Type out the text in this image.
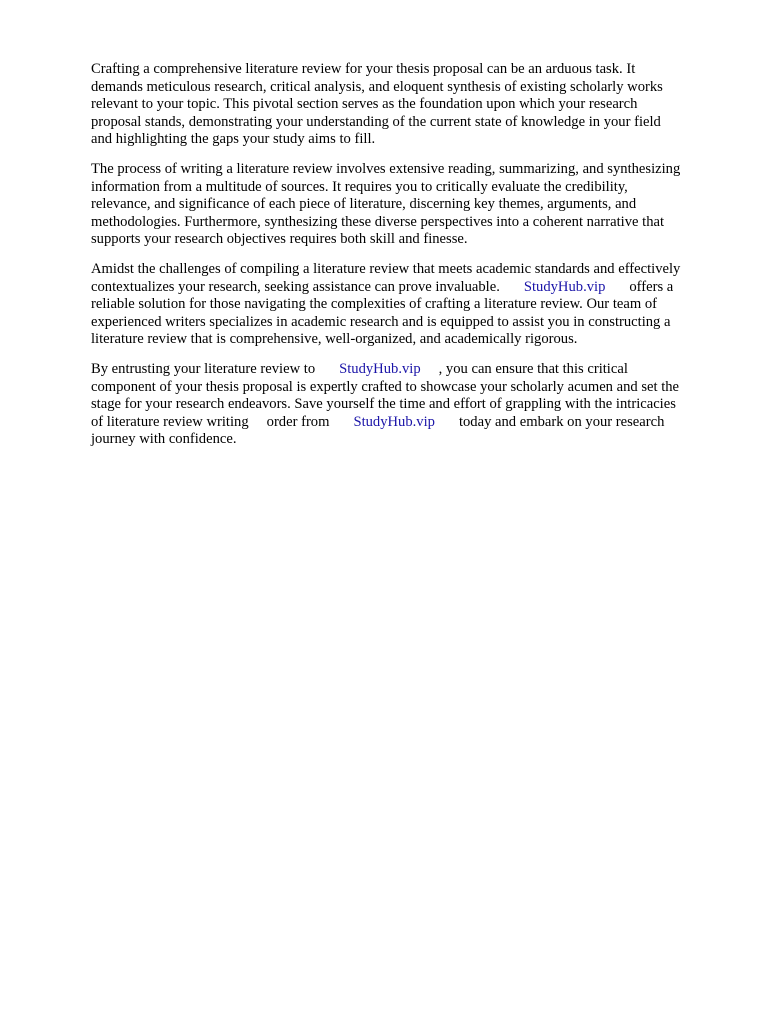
Crafting a comprehensive literature review for your thesis proposal can be an arduous task. It
demands meticulous research, critical analysis, and eloquent synthesis of existing scholarly works
relevant to your topic. This pivotal section serves as the foundation upon which your research
proposal stands, demonstrating your understanding of the current state of knowledge in your field
and highlighting the gaps your study aims to fill.
The process of writing a literature review involves extensive reading, summarizing, and synthesizing
information from a multitude of sources. It requires you to critically evaluate the credibility,
relevance, and significance of each piece of literature, discerning key themes, arguments, and
methodologies. Furthermore, synthesizing these diverse perspectives into a coherent narrative that
supports your research objectives requires both skill and finesse.
Amidst the challenges of compiling a literature review that meets academic standards and effectively
contextualizes your research, seeking assistance can prove invaluable. StudyHub.vip offers a
reliable solution for those navigating the complexities of crafting a literature review. Our team of
experienced writers specializes in academic research and is equipped to assist you in constructing a
literature review that is comprehensive, well-organized, and academically rigorous.
By entrusting your literature review to StudyHub.vip , you can ensure that this critical
component of your thesis proposal is expertly crafted to showcase your scholarly acumen and set the
stage for your research endeavors. Save yourself the time and effort of grappling with the intricacies
of literature review writing order from StudyHub.vip today and embark on your research
journey with confidence.
